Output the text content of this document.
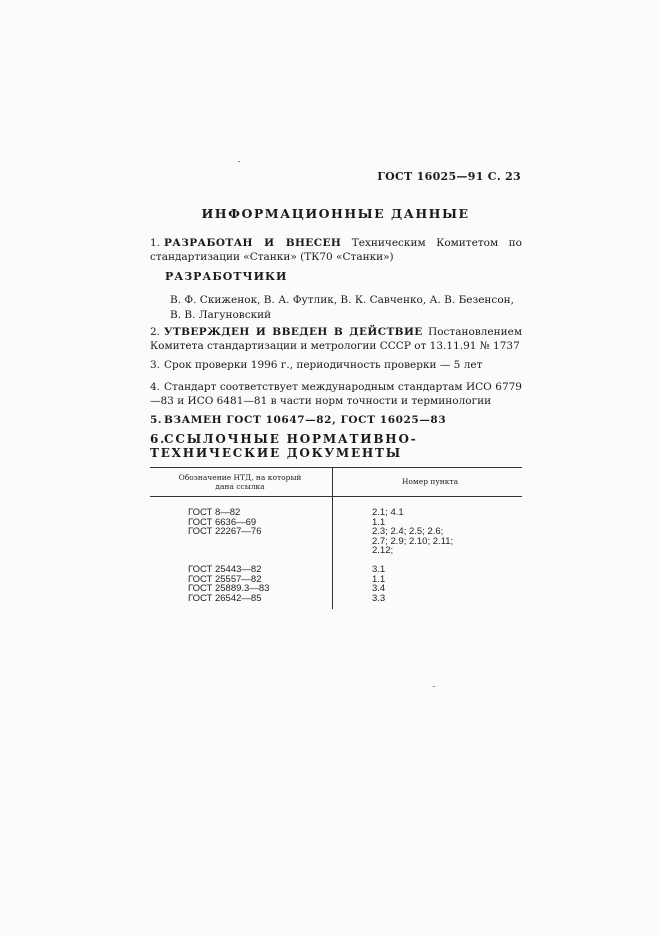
ГОСТ 16025—91 С. 23
ИНФОРМАЦИОННЫЕ ДАННЫЕ
1. РАЗРАБОТАН И ВНЕСЕН Техническим Комитетом по стандартизации «Станки» (ТК70 «Станки»)
РАЗРАБОТЧИКИ
В. Ф. Скиженок, В. А. Футлик, В. К. Савченко, А. В. Безенсон, В. В. Лагуновский
2. УТВЕРЖДЕН И ВВЕДЕН В ДЕЙСТВИЕ Постановлением Комитета стандартизации и метрологии СССР от 13.11.91 № 1737
3. Срок проверки 1996 г., периодичность проверки — 5 лет
4. Стандарт соответствует международным стандартам ИСО 6779—83 и ИСО 6481—81 в части норм точности и терминологии
5. ВЗАМЕН ГОСТ 10647—82, ГОСТ 16025—83
6.ССЫЛОЧНЫЕ НОРМАТИВНО-ТЕХНИЧЕСКИЕ ДОКУМЕНТЫ
Обозначение НТД, на который дана ссылка
Номер пункта
ГОСТ 8—82
ГОСТ 6636—69
ГОСТ 22267—76

ГОСТ 25443—82
ГОСТ 25557—82
ГОСТ 25889.3—83
ГОСТ 26542—85
2.1; 4.1
1.1
2.3; 2.4; 2.5; 2.6;
2.7; 2.9; 2.10; 2.11;
2.12;

3.1
1.1
3.4
3.3
